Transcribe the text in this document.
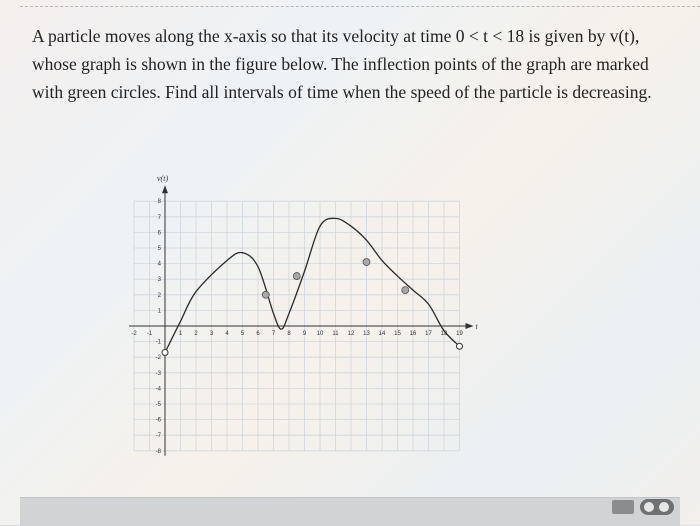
A particle moves along the x-axis so that its velocity at time 0 < t < 18 is given by v(t), whose graph is shown in the figure below. The inflection points of the graph are marked with green circles. Find all intervals of time when the speed of the particle is decreasing.

-2 -1	1 2 3 4 5 6 7 8 9 10 11 12 13 14 15 16 17 18 19
-8
-7
-6
-5
-4
-3
-2
-1
1
2
3
4
5
6
7
8
v(t)
t
